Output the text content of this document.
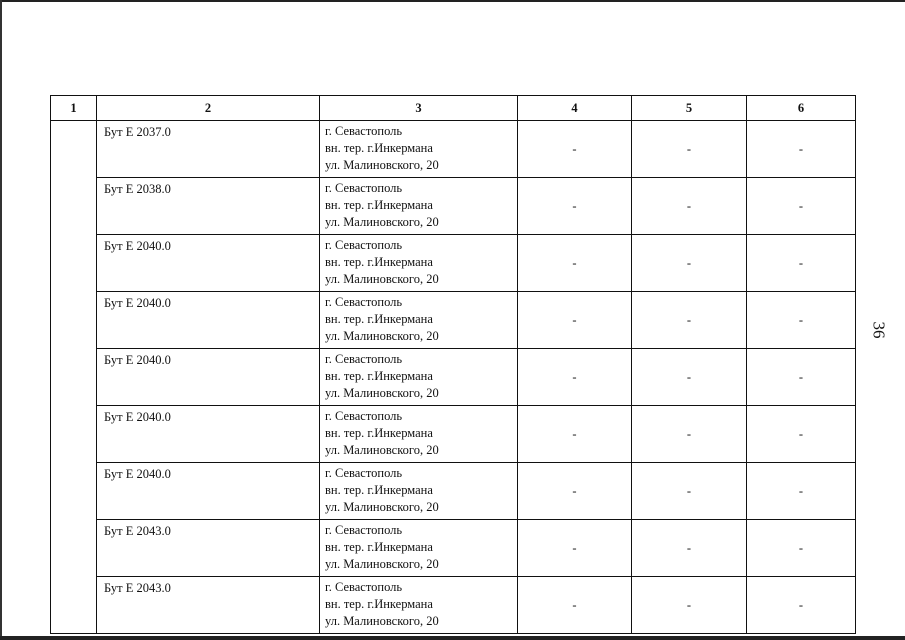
1	2	3	4	5	6

	Бут Е 2037.0	г. Севастополь
вн. тер. г.Инкермана
ул. Малиновского, 20	-	-	-

	Бут Е 2038.0	г. Севастополь
вн. тер. г.Инкермана
ул. Малиновского, 20	-	-	-

	Бут Е 2040.0	г. Севастополь
вн. тер. г.Инкермана
ул. Малиновского, 20	-	-	-

	Бут Е 2040.0	г. Севастополь
вн. тер. г.Инкермана
ул. Малиновского, 20	-	-	-

	Бут Е 2040.0	г. Севастополь
вн. тер. г.Инкермана
ул. Малиновского, 20	-	-	-

	Бут Е 2040.0	г. Севастополь
вн. тер. г.Инкермана
ул. Малиновского, 20	-	-	-

	Бут Е 2040.0	г. Севастополь
вн. тер. г.Инкермана
ул. Малиновского, 20	-	-	-

	Бут Е 2043.0	г. Севастополь
вн. тер. г.Инкермана
ул. Малиновского, 20	-	-	-

	Бут Е 2043.0	г. Севастополь
вн. тер. г.Инкермана
ул. Малиновского, 20	-	-	-
36
